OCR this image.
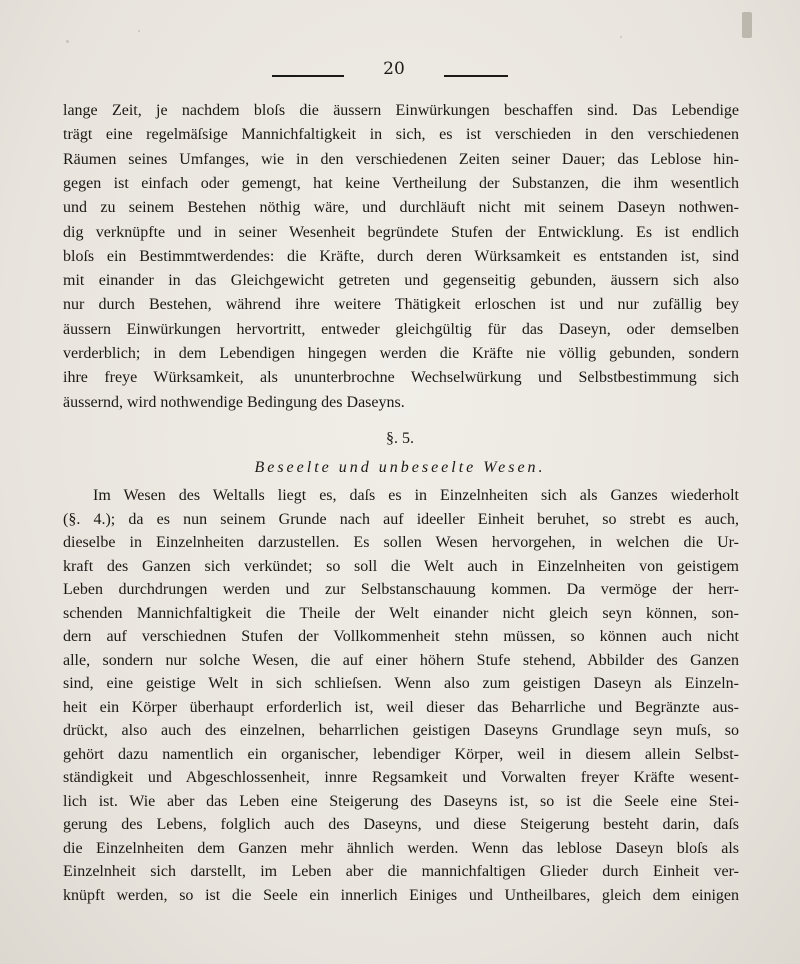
20
lange Zeit, je nachdem bloſs die äussern Einwürkungen beschaffen sind. Das Lebendige
trägt eine regelmäſsige Mannichfaltigkeit in sich, es ist verschieden in den verschiedenen
Räumen seines Umfanges, wie in den verschiedenen Zeiten seiner Dauer; das Leblose hin-
gegen ist einfach oder gemengt, hat keine Vertheilung der Substanzen, die ihm wesentlich
und zu seinem Bestehen nöthig wäre, und durchläuft nicht mit seinem Daseyn nothwen-
dig verknüpfte und in seiner Wesenheit begründete Stufen der Entwicklung. Es ist endlich
bloſs ein Bestimmtwerdendes: die Kräfte, durch deren Würksamkeit es entstanden ist, sind
mit einander in das Gleichgewicht getreten und gegenseitig gebunden, äussern sich also
nur durch Bestehen, während ihre weitere Thätigkeit erloschen ist und nur zufällig bey
äussern Einwürkungen hervortritt, entweder gleichgültig für das Daseyn, oder demselben
verderblich; in dem Lebendigen hingegen werden die Kräfte nie völlig gebunden, sondern
ihre freye Würksamkeit, als ununterbrochne Wechselwürkung und Selbstbestimmung sich
äussernd, wird nothwendige Bedingung des Daseyns.
§. 5.
Beseelte und unbeseelte Wesen.
Im Wesen des Weltalls liegt es, daſs es in Einzelnheiten sich als Ganzes wiederholt
(§. 4.); da es nun seinem Grunde nach auf ideeller Einheit beruhet, so strebt es auch,
dieselbe in Einzelnheiten darzustellen. Es sollen Wesen hervorgehen, in welchen die Ur-
kraft des Ganzen sich verkündet; so soll die Welt auch in Einzelnheiten von geistigem
Leben durchdrungen werden und zur Selbstanschauung kommen. Da vermöge der herr-
schenden Mannichfaltigkeit die Theile der Welt einander nicht gleich seyn können, son-
dern auf verschiednen Stufen der Vollkommenheit stehn müssen, so können auch nicht
alle, sondern nur solche Wesen, die auf einer höhern Stufe stehend, Abbilder des Ganzen
sind, eine geistige Welt in sich schlieſsen. Wenn also zum geistigen Daseyn als Einzeln-
heit ein Körper überhaupt erforderlich ist, weil dieser das Beharrliche und Begränzte aus-
drückt, also auch des einzelnen, beharrlichen geistigen Daseyns Grundlage seyn muſs, so
gehört dazu namentlich ein organischer, lebendiger Körper, weil in diesem allein Selbst-
ständigkeit und Abgeschlossenheit, innre Regsamkeit und Vorwalten freyer Kräfte wesent-
lich ist. Wie aber das Leben eine Steigerung des Daseyns ist, so ist die Seele eine Stei-
gerung des Lebens, folglich auch des Daseyns, und diese Steigerung besteht darin, daſs
die Einzelnheiten dem Ganzen mehr ähnlich werden. Wenn das leblose Daseyn bloſs als
Einzelnheit sich darstellt, im Leben aber die mannichfaltigen Glieder durch Einheit ver-
knüpft werden, so ist die Seele ein innerlich Einiges und Untheilbares, gleich dem einigen
